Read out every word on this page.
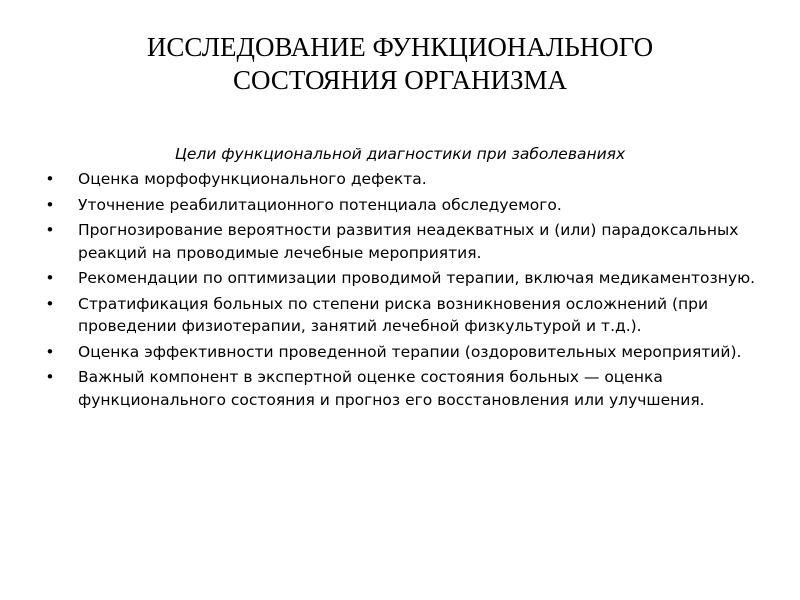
ИССЛЕДОВАНИЕ ФУНКЦИОНАЛЬНОГО
СОСТОЯНИЯ ОРГАНИЗМА

Цели функциональной диагностики при заболеваниях

• Оценка морфофункционального дефекта.
• Уточнение реабилитационного потенциала обследуемого.
• Прогнозирование вероятности развития неадекватных и (или) парадоксальных реакций на проводимые лечебные мероприятия.
• Рекомендации по оптимизации проводимой терапии, включая медикаментозную.
• Стратификация больных по степени риска возникновения осложнений (при проведении физиотерапии, занятий лечебной физкультурой и т.д.).
• Оценка эффективности проведенной терапии (оздоровительных мероприятий).
• Важный компонент в экспертной оценке состояния больных — оценка функционального состояния и прогноз его восстановления или улучшения.
